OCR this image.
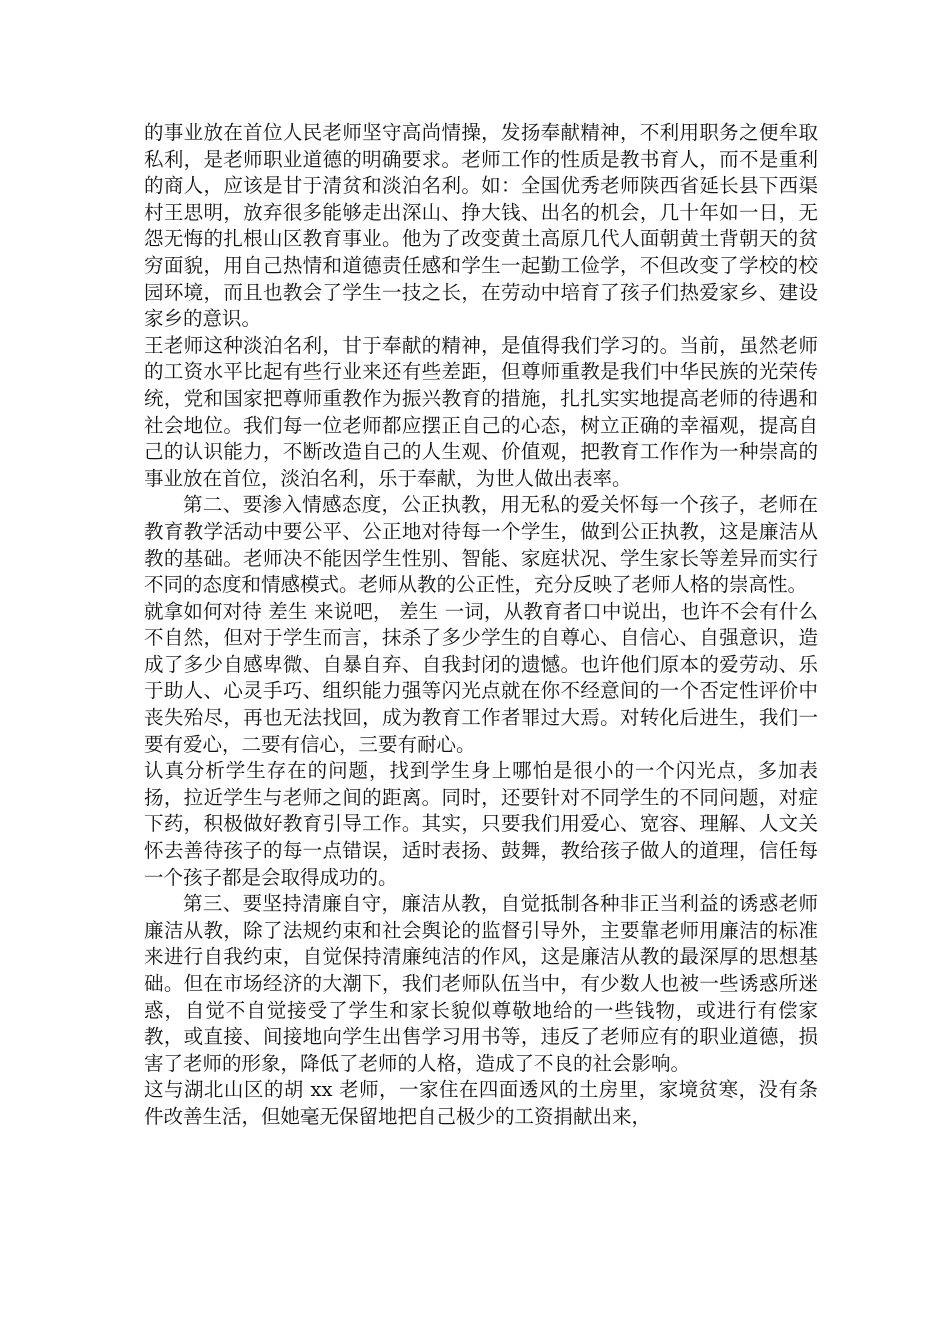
的事业放在首位人民老师坚守高尚情操，发扬奉献精神，不利用职务之便牟取私利，是老师职业道德的明确要求。老师工作的性质是教书育人，而不是重利的商人，应该是甘于清贫和淡泊名利。如：全国优秀老师陕西省延长县下西渠村王思明，放弃很多能够走出深山、挣大钱、出名的机会，几十年如一日，无怨无悔的扎根山区教育事业。他为了改变黄土高原几代人面朝黄土背朝天的贫穷面貌，用自己热情和道德责任感和学生一起勤工俭学，不但改变了学校的校园环境，而且也教会了学生一技之长，在劳动中培育了孩子们热爱家乡、建设家乡的意识。

王老师这种淡泊名利，甘于奉献的精神，是值得我们学习的。当前，虽然老师的工资水平比起有些行业来还有些差距，但尊师重教是我们中华民族的光荣传统，党和国家把尊师重教作为振兴教育的措施，扎扎实实地提高老师的待遇和社会地位。我们每一位老师都应摆正自己的心态，树立正确的幸福观，提高自己的认识能力，不断改造自己的人生观、价值观，把教育工作作为一种崇高的事业放在首位，淡泊名利，乐于奉献，为世人做出表率。

第二、要渗入情感态度，公正执教，用无私的爱关怀每一个孩子，老师在教育教学活动中要公平、公正地对待每一个学生，做到公正执教，这是廉洁从教的基础。老师决不能因学生性别、智能、家庭状况、学生家长等差异而实行不同的态度和情感模式。老师从教的公正性，充分反映了老师人格的崇高性。

就拿如何对待 差生 来说吧， 差生 一词，从教育者口中说出，也许不会有什么不自然，但对于学生而言，抹杀了多少学生的自尊心、自信心、自强意识，造成了多少自感卑微、自暴自弃、自我封闭的遗憾。也许他们原本的爱劳动、乐于助人、心灵手巧、组织能力强等闪光点就在你不经意间的一个否定性评价中丧失殆尽，再也无法找回，成为教育工作者罪过大焉。对转化后进生，我们一要有爱心，二要有信心，三要有耐心。

认真分析学生存在的问题，找到学生身上哪怕是很小的一个闪光点，多加表扬，拉近学生与老师之间的距离。同时，还要针对不同学生的不同问题，对症下药，积极做好教育引导工作。其实，只要我们用爱心、宽容、理解、人文关怀去善待孩子的每一点错误，适时表扬、鼓舞，教给孩子做人的道理，信任每一个孩子都是会取得成功的。

第三、要坚持清廉自守，廉洁从教，自觉抵制各种非正当利益的诱惑老师廉洁从教，除了法规约束和社会舆论的监督引导外，主要靠老师用廉洁的标准来进行自我约束，自觉保持清廉纯洁的作风，这是廉洁从教的最深厚的思想基础。但在市场经济的大潮下，我们老师队伍当中，有少数人也被一些诱惑所迷惑，自觉不自觉接受了学生和家长貌似尊敬地给的一些钱物，或进行有偿家教，或直接、间接地向学生出售学习用书等，违反了老师应有的职业道德，损害了老师的形象，降低了老师的人格，造成了不良的社会影响。

这与湖北山区的胡 xx 老师，一家住在四面透风的土房里，家境贫寒，没有条件改善生活，但她毫无保留地把自己极少的工资捐献出来，
